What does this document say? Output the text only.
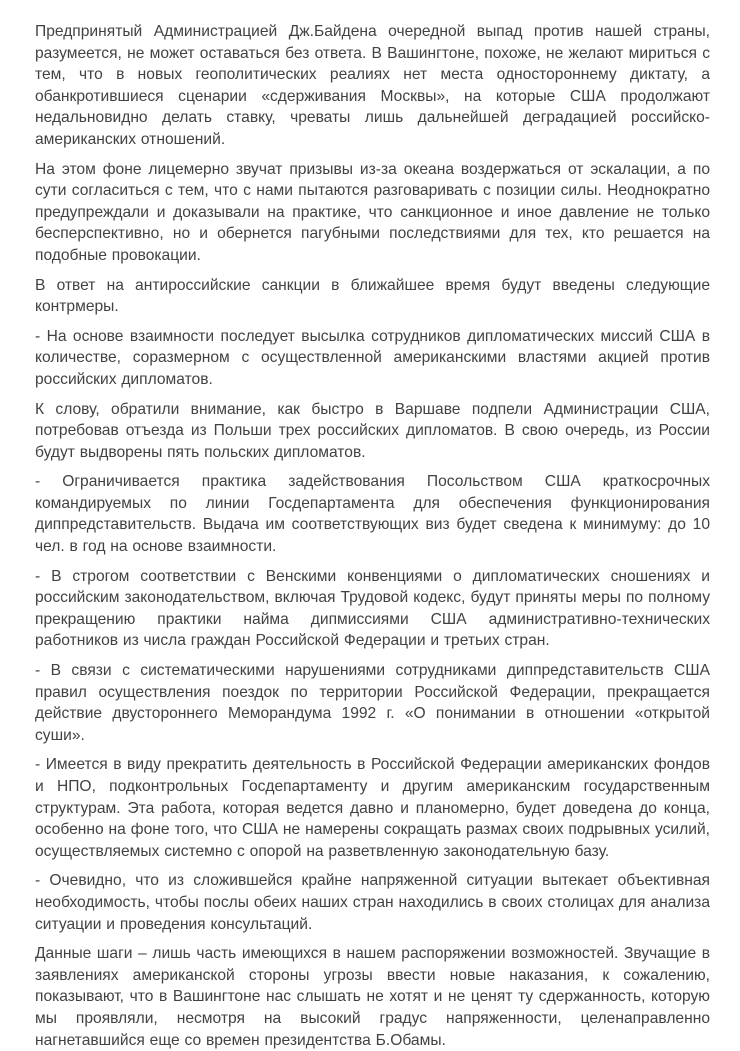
Предпринятый Администрацией Дж.Байдена очередной выпад против нашей страны, разумеется, не может оставаться без ответа. В Вашингтоне, похоже, не желают мириться с тем, что в новых геополитических реалиях нет места одностороннему диктату, а обанкротившиеся сценарии «сдерживания Москвы», на которые США продолжают недальновидно делать ставку, чреваты лишь дальнейшей деградацией российско-американских отношений.

На этом фоне лицемерно звучат призывы из-за океана воздержаться от эскалации, а по сути согласиться с тем, что с нами пытаются разговаривать с позиции силы. Неоднократно предупреждали и доказывали на практике, что санкционное и иное давление не только бесперспективно, но и обернется пагубными последствиями для тех, кто решается на подобные провокации.

В ответ на антироссийские санкции в ближайшее время будут введены следующие контрмеры.

- На основе взаимности последует высылка сотрудников дипломатических миссий США в количестве, соразмерном с осуществленной американскими властями акцией против российских дипломатов.

К слову, обратили внимание, как быстро в Варшаве подпели Администрации США, потребовав отъезда из Польши трех российских дипломатов. В свою очередь, из России будут выдворены пять польских дипломатов.

- Ограничивается практика задействования Посольством США краткосрочных командируемых по линии Госдепартамента для обеспечения функционирования диппредставительств. Выдача им соответствующих виз будет сведена к минимуму: до 10 чел. в год на основе взаимности.

- В строгом соответствии с Венскими конвенциями о дипломатических сношениях и российским законодательством, включая Трудовой кодекс, будут приняты меры по полному прекращению практики найма дипмиссиями США административно-технических работников из числа граждан Российской Федерации и третьих стран.

- В связи с систематическими нарушениями сотрудниками диппредставительств США правил осуществления поездок по территории Российской Федерации, прекращается действие двустороннего Меморандума 1992 г. «О понимании в отношении «открытой суши».

- Имеется в виду прекратить деятельность в Российской Федерации американских фондов и НПО, подконтрольных Госдепартаменту и другим американским государственным структурам. Эта работа, которая ведется давно и планомерно, будет доведена до конца, особенно на фоне того, что США не намерены сокращать размах своих подрывных усилий, осуществляемых системно с опорой на разветвленную законодательную базу.

- Очевидно, что из сложившейся крайне напряженной ситуации вытекает объективная необходимость, чтобы послы обеих наших стран находились в своих столицах для анализа ситуации и проведения консультаций.

Данные шаги – лишь часть имеющихся в нашем распоряжении возможностей. Звучащие в заявлениях американской стороны угрозы ввести новые наказания, к сожалению, показывают, что в Вашингтоне нас слышать не хотят и не ценят ту сдержанность, которую мы проявляли, несмотря на высокий градус напряженности, целенаправленно нагнетавшийся еще со времен президентства Б.Обамы.
